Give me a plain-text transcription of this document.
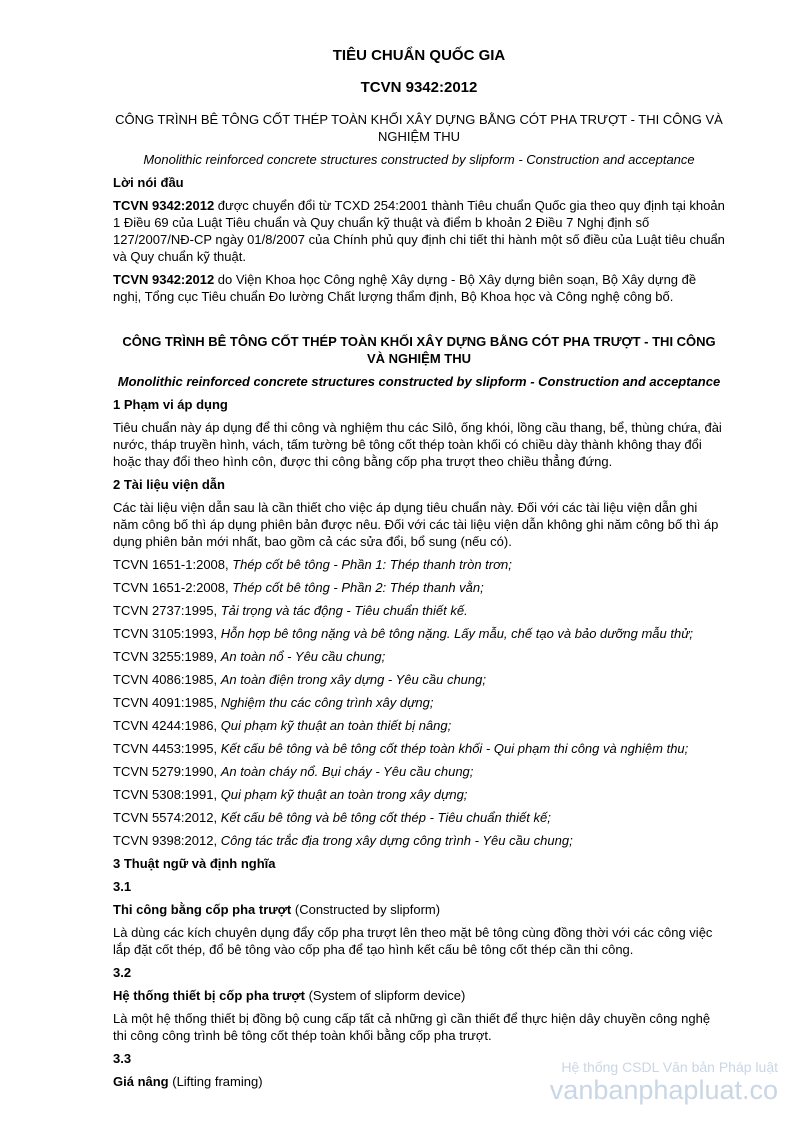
TIÊU CHUẨN QUỐC GIA
TCVN 9342:2012
CÔNG TRÌNH BÊ TÔNG CỐT THÉP TOÀN KHỐI XÂY DỰNG BẰNG CÓT PHA TRƯỢT - THI CÔNG VÀ NGHIỆM THU
Monolithic reinforced concrete structures constructed by slipform - Construction and acceptance
Lời nói đầu

TCVN 9342:2012 được chuyển đổi từ TCXD 254:2001 thành Tiêu chuẩn Quốc gia theo quy định tại khoản 1 Điều 69 của Luật Tiêu chuẩn và Quy chuẩn kỹ thuật và điểm b khoản 2 Điều 7 Nghị định số 127/2007/NĐ-CP ngày 01/8/2007 của Chính phủ quy định chi tiết thi hành một số điều của Luật tiêu chuẩn và Quy chuẩn kỹ thuật.

TCVN 9342:2012 do Viện Khoa học Công nghệ Xây dựng - Bộ Xây dựng biên soạn, Bộ Xây dựng đề nghị, Tổng cục Tiêu chuẩn Đo lường Chất lượng thẩm định, Bộ Khoa học và Công nghệ công bố.

CÔNG TRÌNH BÊ TÔNG CỐT THÉP TOÀN KHỐI XÂY DỰNG BẰNG CÓT PHA TRƯỢT - THI CÔNG VÀ NGHIỆM THU
Monolithic reinforced concrete structures constructed by slipform - Construction and acceptance
1 Phạm vi áp dụng

Tiêu chuẩn này áp dụng để thi công và nghiệm thu các Silô, ống khói, lồng cầu thang, bể, thùng chứa, đài nước, tháp truyền hình, vách, tấm tường bê tông cốt thép toàn khối có chiều dày thành không thay đổi hoặc thay đổi theo hình côn, được thi công bằng cốp pha trượt theo chiều thẳng đứng.

2 Tài liệu viện dẫn

Các tài liệu viện dẫn sau là cần thiết cho việc áp dụng tiêu chuẩn này. Đối với các tài liệu viện dẫn ghi năm công bố thì áp dụng phiên bản được nêu. Đối với các tài liệu viện dẫn không ghi năm công bố thì áp dụng phiên bản mới nhất, bao gồm cả các sửa đổi, bổ sung (nếu có).

TCVN 1651-1:2008, Thép cốt bê tông - Phần 1: Thép thanh tròn trơn;

TCVN 1651-2:2008, Thép cốt bê tông - Phần 2: Thép thanh vằn;

TCVN 2737:1995, Tải trọng và tác động - Tiêu chuẩn thiết kế.

TCVN 3105:1993, Hỗn hợp bê tông nặng và bê tông nặng. Lấy mẫu, chế tạo và bảo dưỡng mẫu thử;

TCVN 3255:1989, An toàn nổ - Yêu cầu chung;

TCVN 4086:1985, An toàn điện trong xây dựng - Yêu cầu chung;

TCVN 4091:1985, Nghiệm thu các công trình xây dựng;

TCVN 4244:1986, Qui phạm kỹ thuật an toàn thiết bị nâng;

TCVN 4453:1995, Kết cấu bê tông và bê tông cốt thép toàn khối - Qui phạm thi công và nghiệm thu;

TCVN 5279:1990, An toàn cháy nổ. Bụi cháy - Yêu cầu chung;

TCVN 5308:1991, Qui phạm kỹ thuật an toàn trong xây dựng;

TCVN 5574:2012, Kết cấu bê tông và bê tông cốt thép - Tiêu chuẩn thiết kế;

TCVN 9398:2012, Công tác trắc địa trong xây dựng công trình - Yêu cầu chung;

3 Thuật ngữ và định nghĩa
3.1

Thi công bằng cốp pha trượt (Constructed by slipform)

Là dùng các kích chuyên dụng đẩy cốp pha trượt lên theo mặt bê tông cùng đồng thời với các công việc lắp đặt cốt thép, đổ bê tông vào cốp pha để tạo hình kết cấu bê tông cốt thép cần thi công.

3.2

Hệ thống thiết bị cốp pha trượt (System of slipform device)

Là một hệ thống thiết bị đồng bộ cung cấp tất cả những gì cần thiết để thực hiện dây chuyền công nghệ thi công công trình bê tông cốt thép toàn khối bằng cốp pha trượt.

3.3

Giá nâng (Lifting framing)

Hệ thống CSDL Văn bản Pháp luật
vanbanphapluat.co
